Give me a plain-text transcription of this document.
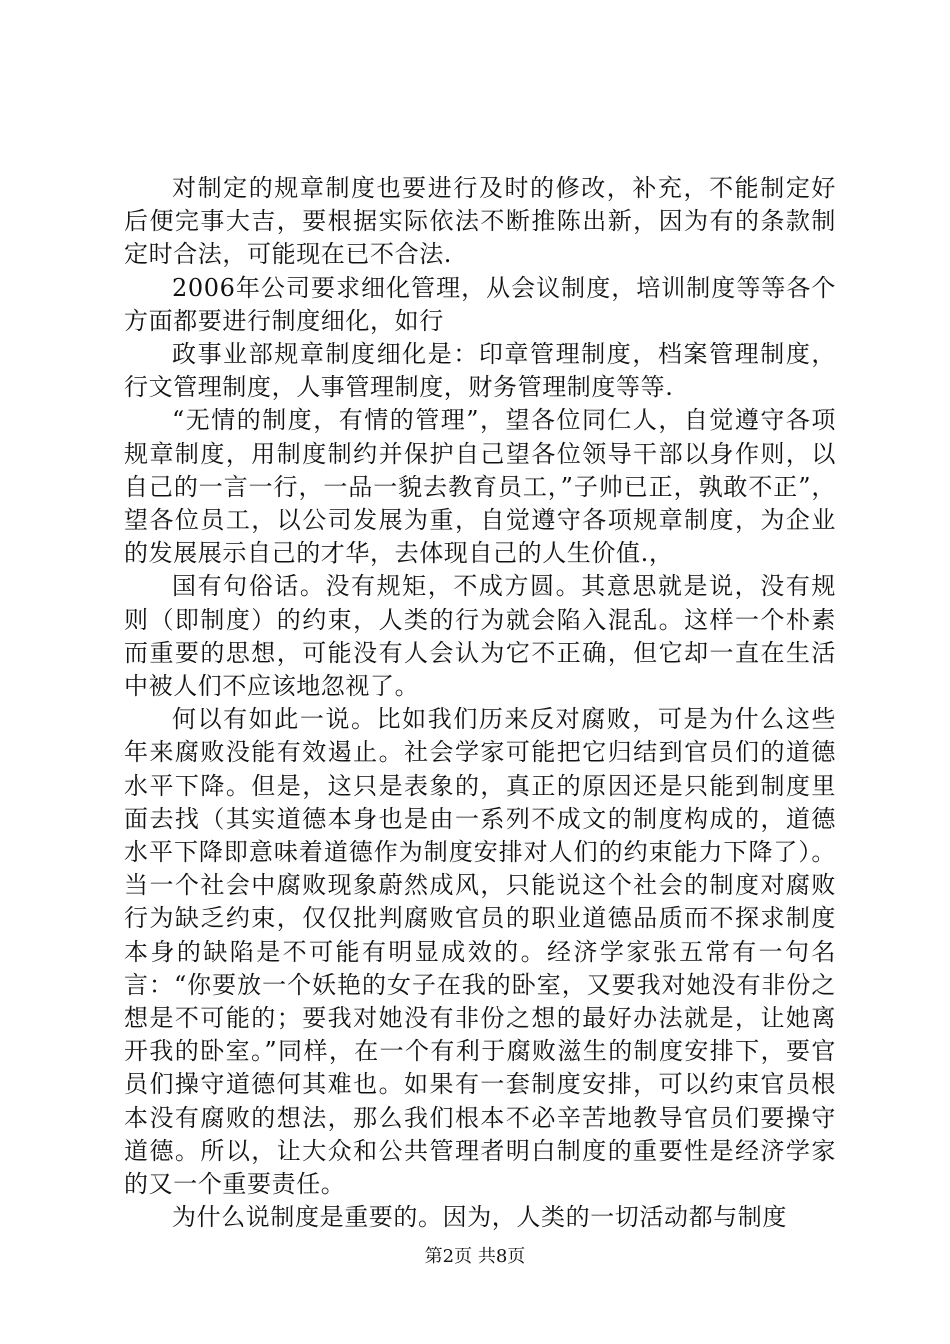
对制定的规章制度也要进行及时的修改，补充，不能制定好后便完事大吉，要根据实际依法不断推陈出新，因为有的条款制定时合法，可能现在已不合法.

2006年公司要求细化管理，从会议制度，培训制度等等各个方面都要进行制度细化，如行

政事业部规章制度细化是：印章管理制度，档案管理制度，行文管理制度，人事管理制度，财务管理制度等等.

“无情的制度，有情的管理”，望各位同仁人，自觉遵守各项规章制度，用制度制约并保护自己望各位领导干部以身作则，以自己的一言一行，一品一貌去教育员工，”子帅已正，孰敢不正”，望各位员工，以公司发展为重，自觉遵守各项规章制度，为企业的发展展示自己的才华，去体现自己的人生价值.，

国有句俗话。没有规矩，不成方圆。其意思就是说，没有规则（即制度）的约束，人类的行为就会陷入混乱。这样一个朴素而重要的思想，可能没有人会认为它不正确，但它却一直在生活中被人们不应该地忽视了。

何以有如此一说。比如我们历来反对腐败，可是为什么这些年来腐败没能有效遏止。社会学家可能把它归结到官员们的道德水平下降。但是，这只是表象的，真正的原因还是只能到制度里面去找（其实道德本身也是由一系列不成文的制度构成的，道德水平下降即意味着道德作为制度安排对人们的约束能力下降了）。当一个社会中腐败现象蔚然成风，只能说这个社会的制度对腐败行为缺乏约束，仅仅批判腐败官员的职业道德品质而不探求制度本身的缺陷是不可能有明显成效的。经济学家张五常有一句名言：“你要放一个妖艳的女子在我的卧室，又要我对她没有非份之想是不可能的；要我对她没有非份之想的最好办法就是，让她离开我的卧室。”同样，在一个有利于腐败滋生的制度安排下，要官员们操守道德何其难也。如果有一套制度安排，可以约束官员根本没有腐败的想法，那么我们根本不必辛苦地教导官员们要操守道德。所以，让大众和公共管理者明白制度的重要性是经济学家的又一个重要责任。

为什么说制度是重要的。因为，人类的一切活动都与制度

第2页 共8页
